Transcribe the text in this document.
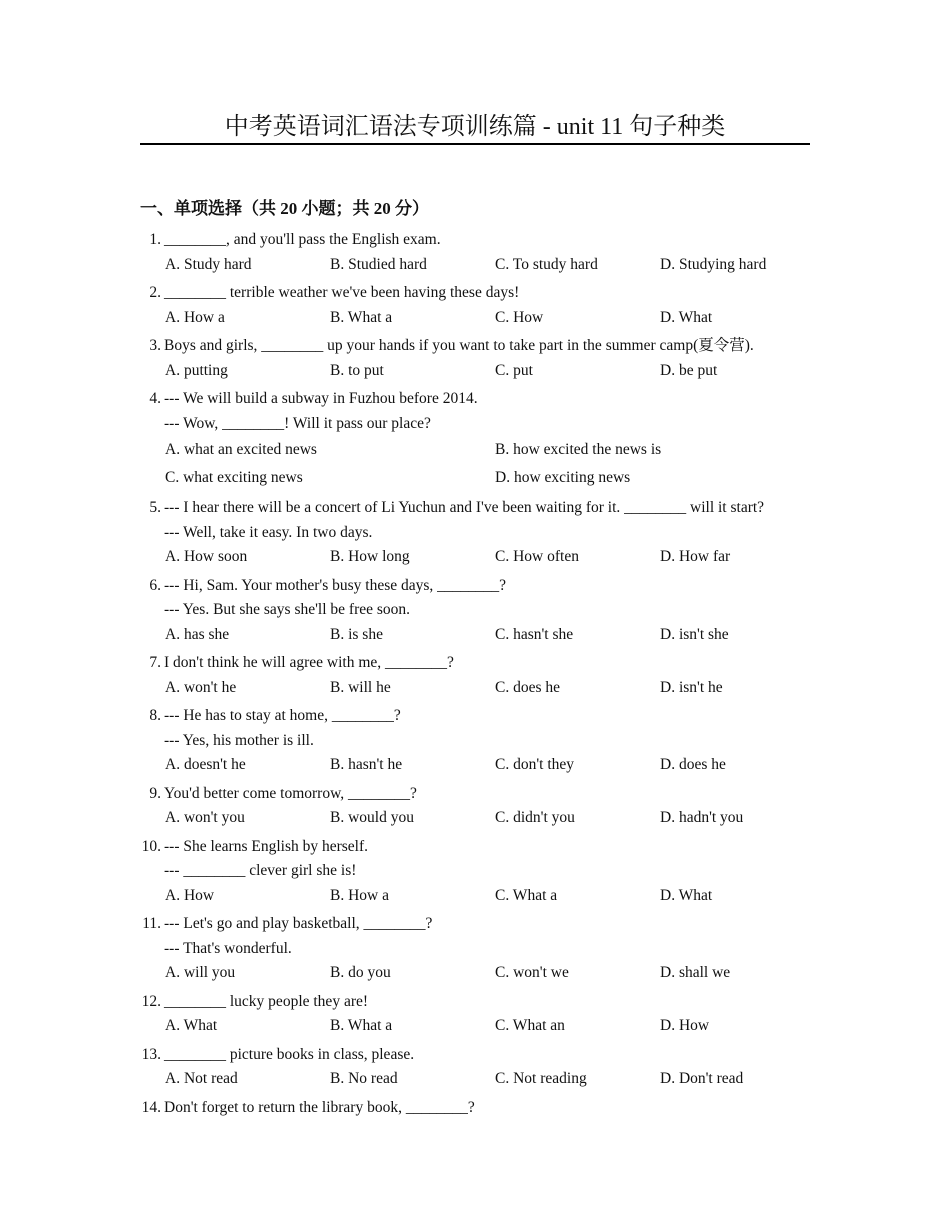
中考英语词汇语法专项训练篇 - unit 11 句子种类
一、单项选择（共 20 小题；共 20 分）
1. ________, and you'll pass the English exam.
A. Study hard	B. Studied hard	C. To study hard	D. Studying hard
2. ________ terrible weather we've been having these days!
A. How a	B. What a	C. How	D. What
3. Boys and girls, ________ up your hands if you want to take part in the summer camp(夏令营).
A. putting	B. to put	C. put	D. be put
4. --- We will build a subway in Fuzhou before 2014.
--- Wow, ________! Will it pass our place?
A. what an excited news	B. how excited the news is
C. what exciting news	D. how exciting news
5. --- I hear there will be a concert of Li Yuchun and I've been waiting for it. ________ will it start?
--- Well, take it easy. In two days.
A. How soon	B. How long	C. How often	D. How far
6. --- Hi, Sam. Your mother's busy these days, ________?
--- Yes. But she says she'll be free soon.
A. has she	B. is she	C. hasn't she	D. isn't she
7. I don't think he will agree with me, ________?
A. won't he	B. will he	C. does he	D. isn't he
8. --- He has to stay at home, ________?
--- Yes, his mother is ill.
A. doesn't he	B. hasn't he	C. don't they	D. does he
9. You'd better come tomorrow, ________?
A. won't you	B. would you	C. didn't you	D. hadn't you
10. --- She learns English by herself.
--- ________ clever girl she is!
A. How	B. How a	C. What a	D. What
11. --- Let's go and play basketball, ________?
--- That's wonderful.
A. will you	B. do you	C. won't we	D. shall we
12. ________ lucky people they are!
A. What	B. What a	C. What an	D. How
13. ________ picture books in class, please.
A. Not read	B. No read	C. Not reading	D. Don't read
14. Don't forget to return the library book, ________?
